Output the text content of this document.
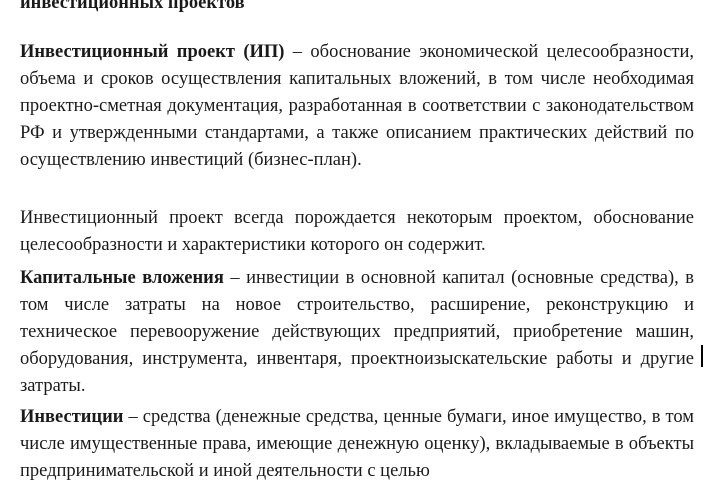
инвестиционных проектов

Инвестиционный проект (ИП) – обоснование экономической целесообразности, объема и сроков осуществления капитальных вложений, в том числе необходимая проектно-сметная документация, разработанная в соответствии с законодательством РФ и утвержденными стандартами, а также описанием практических действий по осуществлению инвестиций (бизнес-план).

Инвестиционный проект всегда порождается некоторым проектом, обоснование целесообразности и характеристики которого он содержит.

Капитальные вложения – инвестиции в основной капитал (основные средства), в том числе затраты на новое строительство, расширение, реконструкцию и техническое перевооружение действующих предприятий, приобретение машин, оборудования, инструмента, инвентаря, проектноизыскательские работы и другие затраты.

Инвестиции – средства (денежные средства, ценные бумаги, иное имущество, в том числе имущественные права, имеющие денежную оценку), вкладываемые в объекты предпринимательской и иной деятельности с целью
